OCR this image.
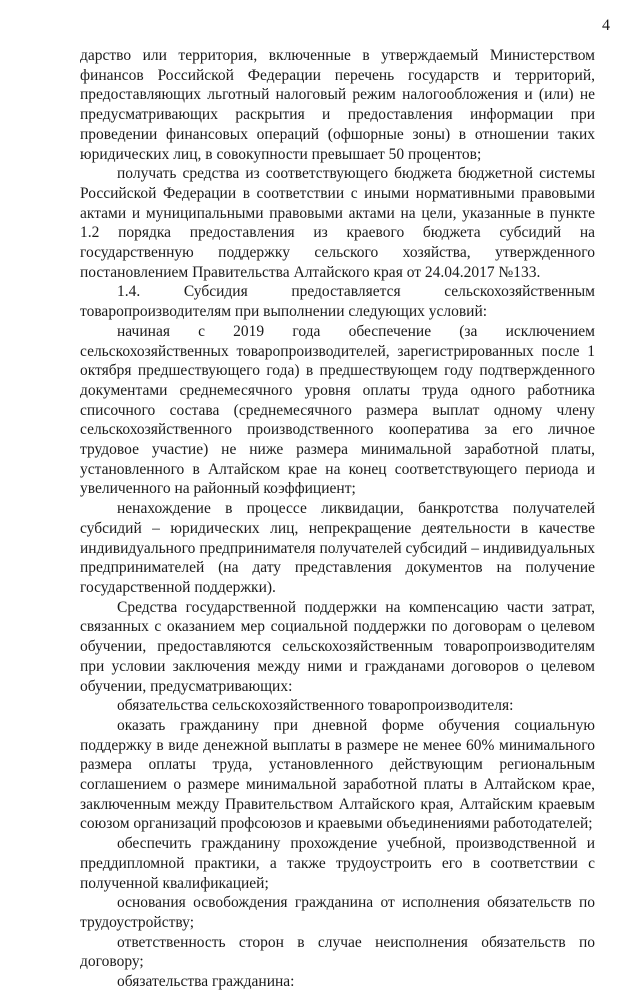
4

дарство или территория, включенные в утверждаемый Министерством финансов Российской Федерации перечень государств и территорий, предоставляющих льготный налоговый режим налогообложения и (или) не предусматривающих раскрытия и предоставления информации при проведении финансовых операций (офшорные зоны) в отношении таких юридических лиц, в совокупности превышает 50 процентов;

получать средства из соответствующего бюджета бюджетной системы Российской Федерации в соответствии с иными нормативными правовыми актами и муниципальными правовыми актами на цели, указанные в пункте 1.2 порядка предоставления из краевого бюджета субсидий на государственную поддержку сельского хозяйства, утвержденного постановлением Правительства Алтайского края от 24.04.2017 №133.

1.4. Субсидия предоставляется сельскохозяйственным товаропроизводителям при выполнении следующих условий:

начиная с 2019 года обеспечение (за исключением сельскохозяйственных товаропроизводителей, зарегистрированных после 1 октября предшествующего года) в предшествующем году подтвержденного документами среднемесячного уровня оплаты труда одного работника списочного состава (среднемесячного размера выплат одному члену сельскохозяйственного производственного кооператива за его личное трудовое участие) не ниже размера минимальной заработной платы, установленного в Алтайском крае на конец соответствующего периода и увеличенного на районный коэффициент;

ненахождение в процессе ликвидации, банкротства получателей субсидий – юридических лиц, непрекращение деятельности в качестве индивидуального предпринимателя получателей субсидий – индивидуальных предпринимателей (на дату представления документов на получение государственной поддержки).

Средства государственной поддержки на компенсацию части затрат, связанных с оказанием мер социальной поддержки по договорам о целевом обучении, предоставляются сельскохозяйственным товаропроизводителям при условии заключения между ними и гражданами договоров о целевом обучении, предусматривающих:

обязательства сельскохозяйственного товаропроизводителя:

оказать гражданину при дневной форме обучения социальную поддержку в виде денежной выплаты в размере не менее 60% минимального размера оплаты труда, установленного действующим региональным соглашением о размере минимальной заработной платы в Алтайском крае, заключенным между Правительством Алтайского края, Алтайским краевым союзом организаций профсоюзов и краевыми объединениями работодателей;

обеспечить гражданину прохождение учебной, производственной и преддипломной практики, а также трудоустроить его в соответствии с полученной квалификацией;

основания освобождения гражданина от исполнения обязательств по трудоустройству;

ответственность сторон в случае неисполнения обязательств по договору;

обязательства гражданина:
